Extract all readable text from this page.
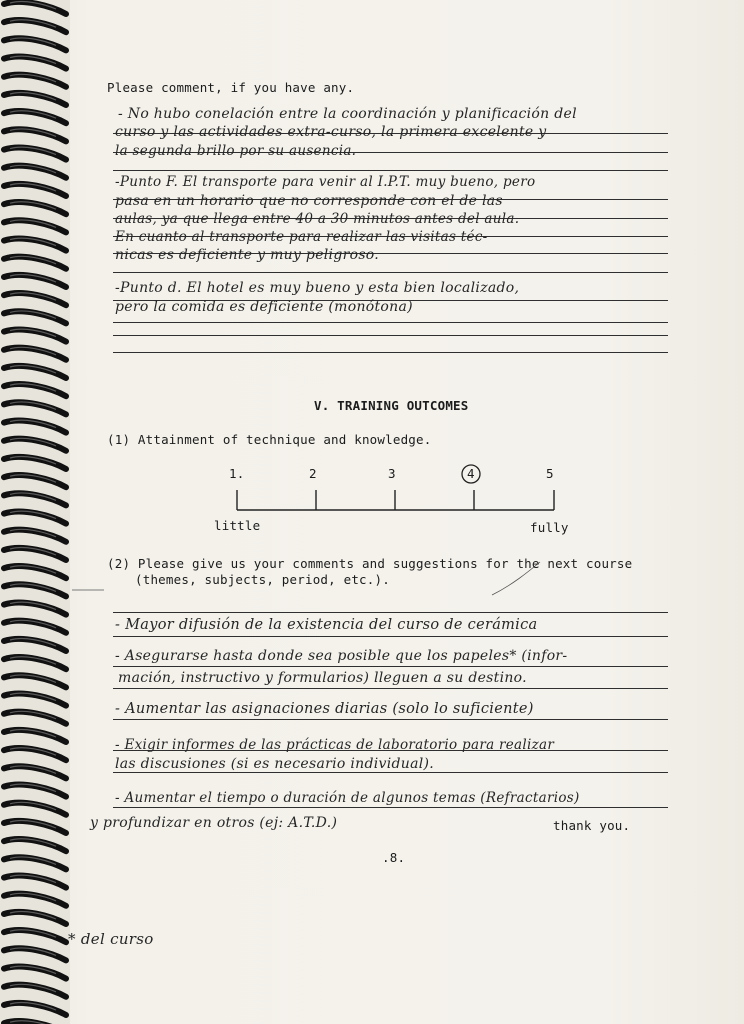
Please comment, if you have any.
- No hubo conelación entre la coordinación y planificación del
curso y las actividades extra-curso, la primera excelente y
la segunda brillo por su ausencia.
-Punto F. El transporte para venir al I.P.T. muy bueno, pero
pasa en un horario que no corresponde con el de las
aulas, ya que llega entre 40 a 30 minutos antes del aula.
En cuanto al transporte para realizar las visitas téc-
nicas es deficiente y muy peligroso.
-Punto d. El hotel es muy bueno y esta bien localizado,
pero la comida es deficiente (monótona)
V. TRAINING OUTCOMES
(1) Attainment of technique and knowledge.
1.	2	3	4	5
little	fully
(2) Please give us your comments and suggestions for the next course
(themes, subjects, period, etc.).
- Mayor difusión de la existencia del curso de cerámica
- Asegurarse hasta donde sea posible que los papeles* (infor-
mación, instructivo y formularios) lleguen a su destino.
- Aumentar las asignaciones diarias (solo lo suficiente)
- Exigir informes de las prácticas de laboratorio para realizar
las discusiones (si es necesario individual).
- Aumentar el tiempo o duración de algunos temas (Refractarios)
y profundizar en otros (ej: A.T.D.)	thank you.
.8.
* del curso
